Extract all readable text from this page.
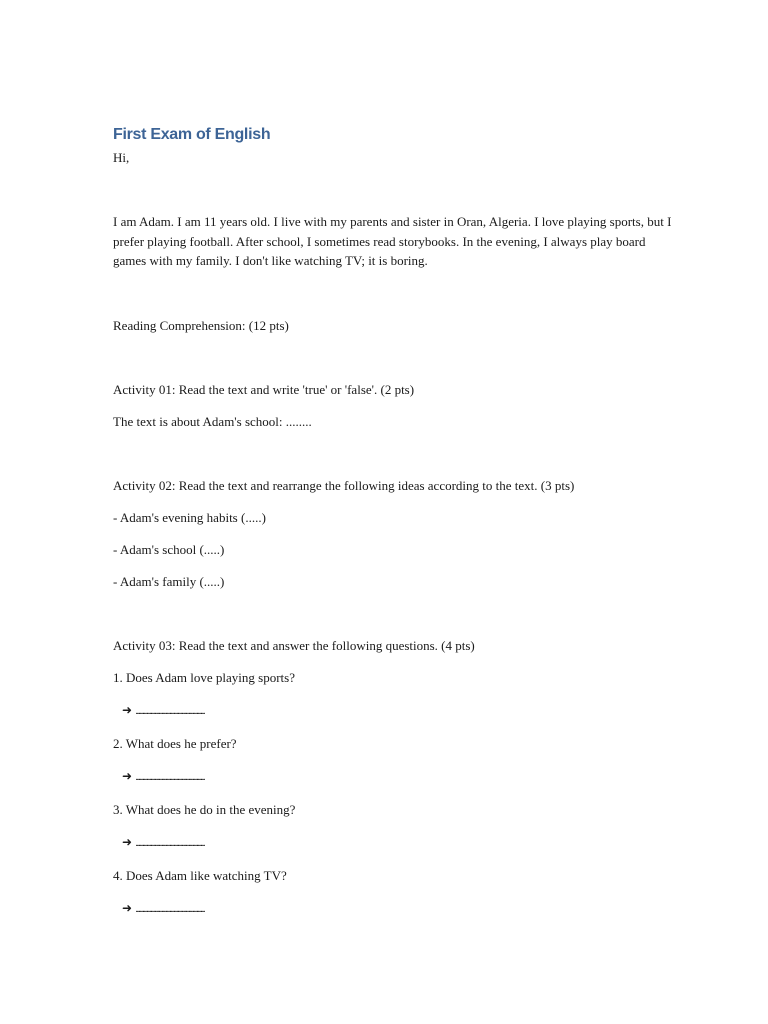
First Exam of English

Hi,

I am Adam. I am 11 years old. I live with my parents and sister in Oran, Algeria. I love playing sports, but I prefer playing football. After school, I sometimes read storybooks. In the evening, I always play board games with my family. I don't like watching TV; it is boring.

Reading Comprehension: (12 pts)

Activity 01: Read the text and write 'true' or 'false'. (2 pts)

The text is about Adam's school: ........

Activity 02: Read the text and rearrange the following ideas according to the text. (3 pts)

- Adam's evening habits (.....)

- Adam's school (.....)

- Adam's family (.....)

Activity 03: Read the text and answer the following questions. (4 pts)

1. Does Adam love playing sports?

➜ ...................................................

2. What does he prefer?

➜ ...................................................

3. What does he do in the evening?

➜ ...................................................

4. Does Adam like watching TV?

➜ ...................................................
